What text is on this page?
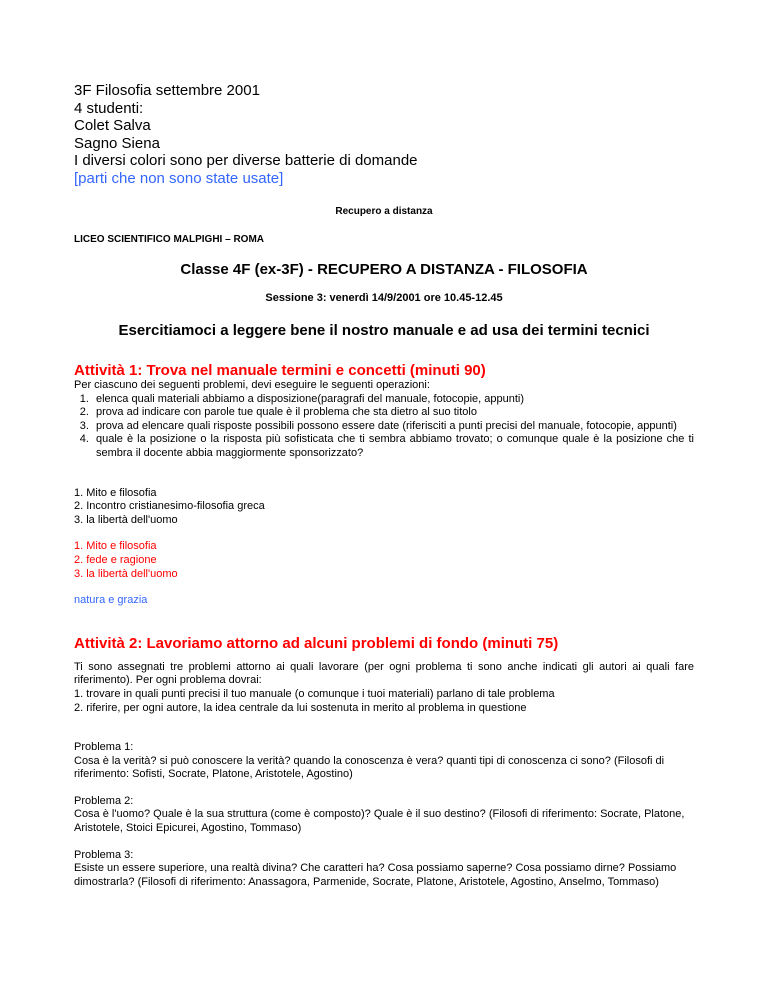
3F Filosofia settembre 2001
4 studenti:
Colet Salva
Sagno Siena
I diversi colori sono per diverse batterie di domande
[parti che non sono state usate]
Recupero a distanza
LICEO SCIENTIFICO MALPIGHI – ROMA
Classe 4F (ex-3F) - RECUPERO A DISTANZA - FILOSOFIA
Sessione 3: venerdì 14/9/2001 ore 10.45-12.45
Esercitiamoci a leggere bene il nostro manuale e ad usa dei termini tecnici
Attività 1: Trova nel manuale termini e concetti (minuti 90)

Per ciascuno dei seguenti problemi, devi eseguire le seguenti operazioni:

1. elenca quali materiali abbiamo a disposizione(paragrafi del manuale, fotocopie, appunti)
2. prova ad indicare con parole tue quale è il problema che sta dietro al suo titolo
3. prova ad elencare quali risposte possibili possono essere date (riferisciti a punti precisi del manuale, fotocopie, appunti)
4. quale è la posizione o la risposta più sofisticata che ti sembra abbiamo trovato; o comunque quale è la posizione che ti sembra il docente abbia maggiormente sponsorizzato?
1. Mito e filosofia
2. Incontro cristianesimo-filosofia greca
3. la libertà dell'uomo
1. Mito e filosofia
2. fede e ragione
3. la libertà dell'uomo
natura e grazia
Attività 2: Lavoriamo attorno ad alcuni problemi di fondo (minuti 75)

Ti sono assegnati tre problemi attorno ai quali lavorare (per ogni problema ti sono anche indicati gli autori ai quali fare riferimento). Per ogni problema dovrai:

1. trovare in quali punti precisi il tuo manuale (o comunque i tuoi materiali) parlano di tale problema
2. riferire, per ogni autore, la idea centrale da lui sostenuta in merito al problema in questione
Problema 1:
Cosa è la verità? si può conoscere la verità? quando la conoscenza è vera? quanti tipi di conoscenza ci sono? (Filosofi di riferimento: Sofisti, Socrate, Platone, Aristotele, Agostino)
Problema 2:
Cosa è l'uomo? Quale è la sua struttura (come è composto)? Quale è il suo destino? (Filosofi di riferimento: Socrate, Platone, Aristotele, Stoici Epicurei, Agostino, Tommaso)
Problema 3:
Esiste un essere superiore, una realtà divina? Che caratteri ha? Cosa possiamo saperne? Cosa possiamo dirne? Possiamo dimostrarla? (Filosofi di riferimento: Anassagora, Parmenide, Socrate, Platone, Aristotele, Agostino, Anselmo, Tommaso)
